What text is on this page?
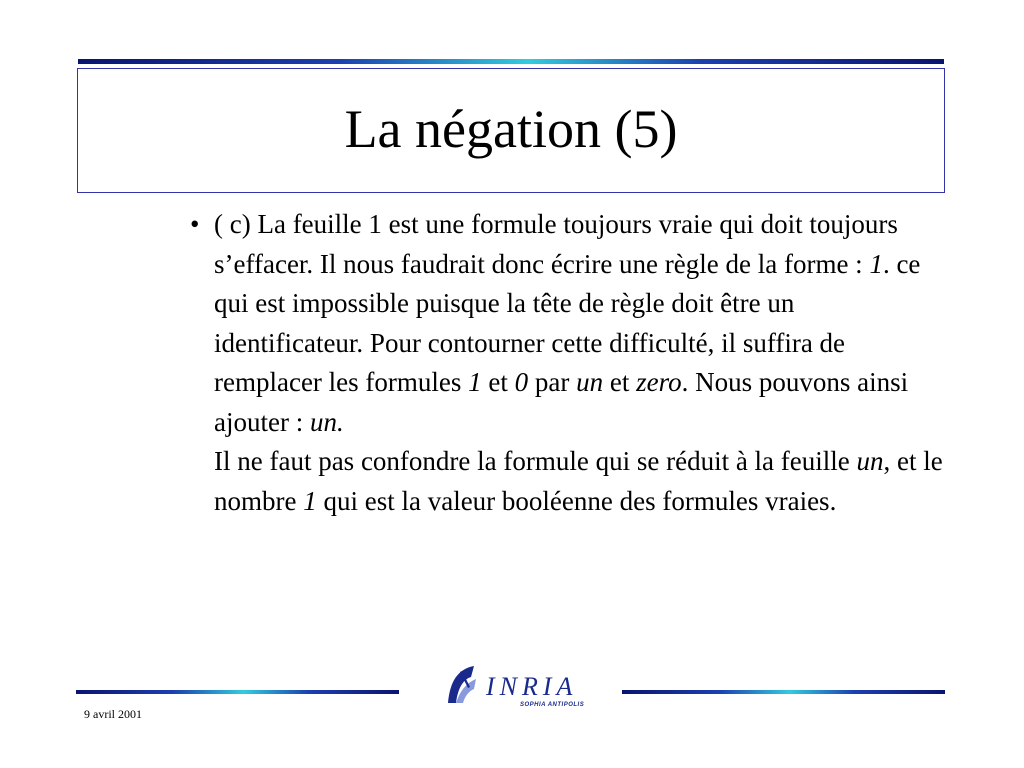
La négation (5)
• ( c) La feuille 1 est une formule toujours vraie qui doit toujours s’effacer. Il nous faudrait donc écrire une règle de la forme : 1. ce qui est impossible puisque la tête de règle doit être un identificateur. Pour contourner cette difficulté, il suffira de remplacer les formules 1 et 0 par un et zero. Nous pouvons ainsi ajouter : un.

Il ne faut pas confondre la formule qui se réduit à la feuille un, et le nombre 1 qui est la valeur booléenne des formules vraies.

INRIA
SOPHIA ANTIPOLIS
9 avril 2001
